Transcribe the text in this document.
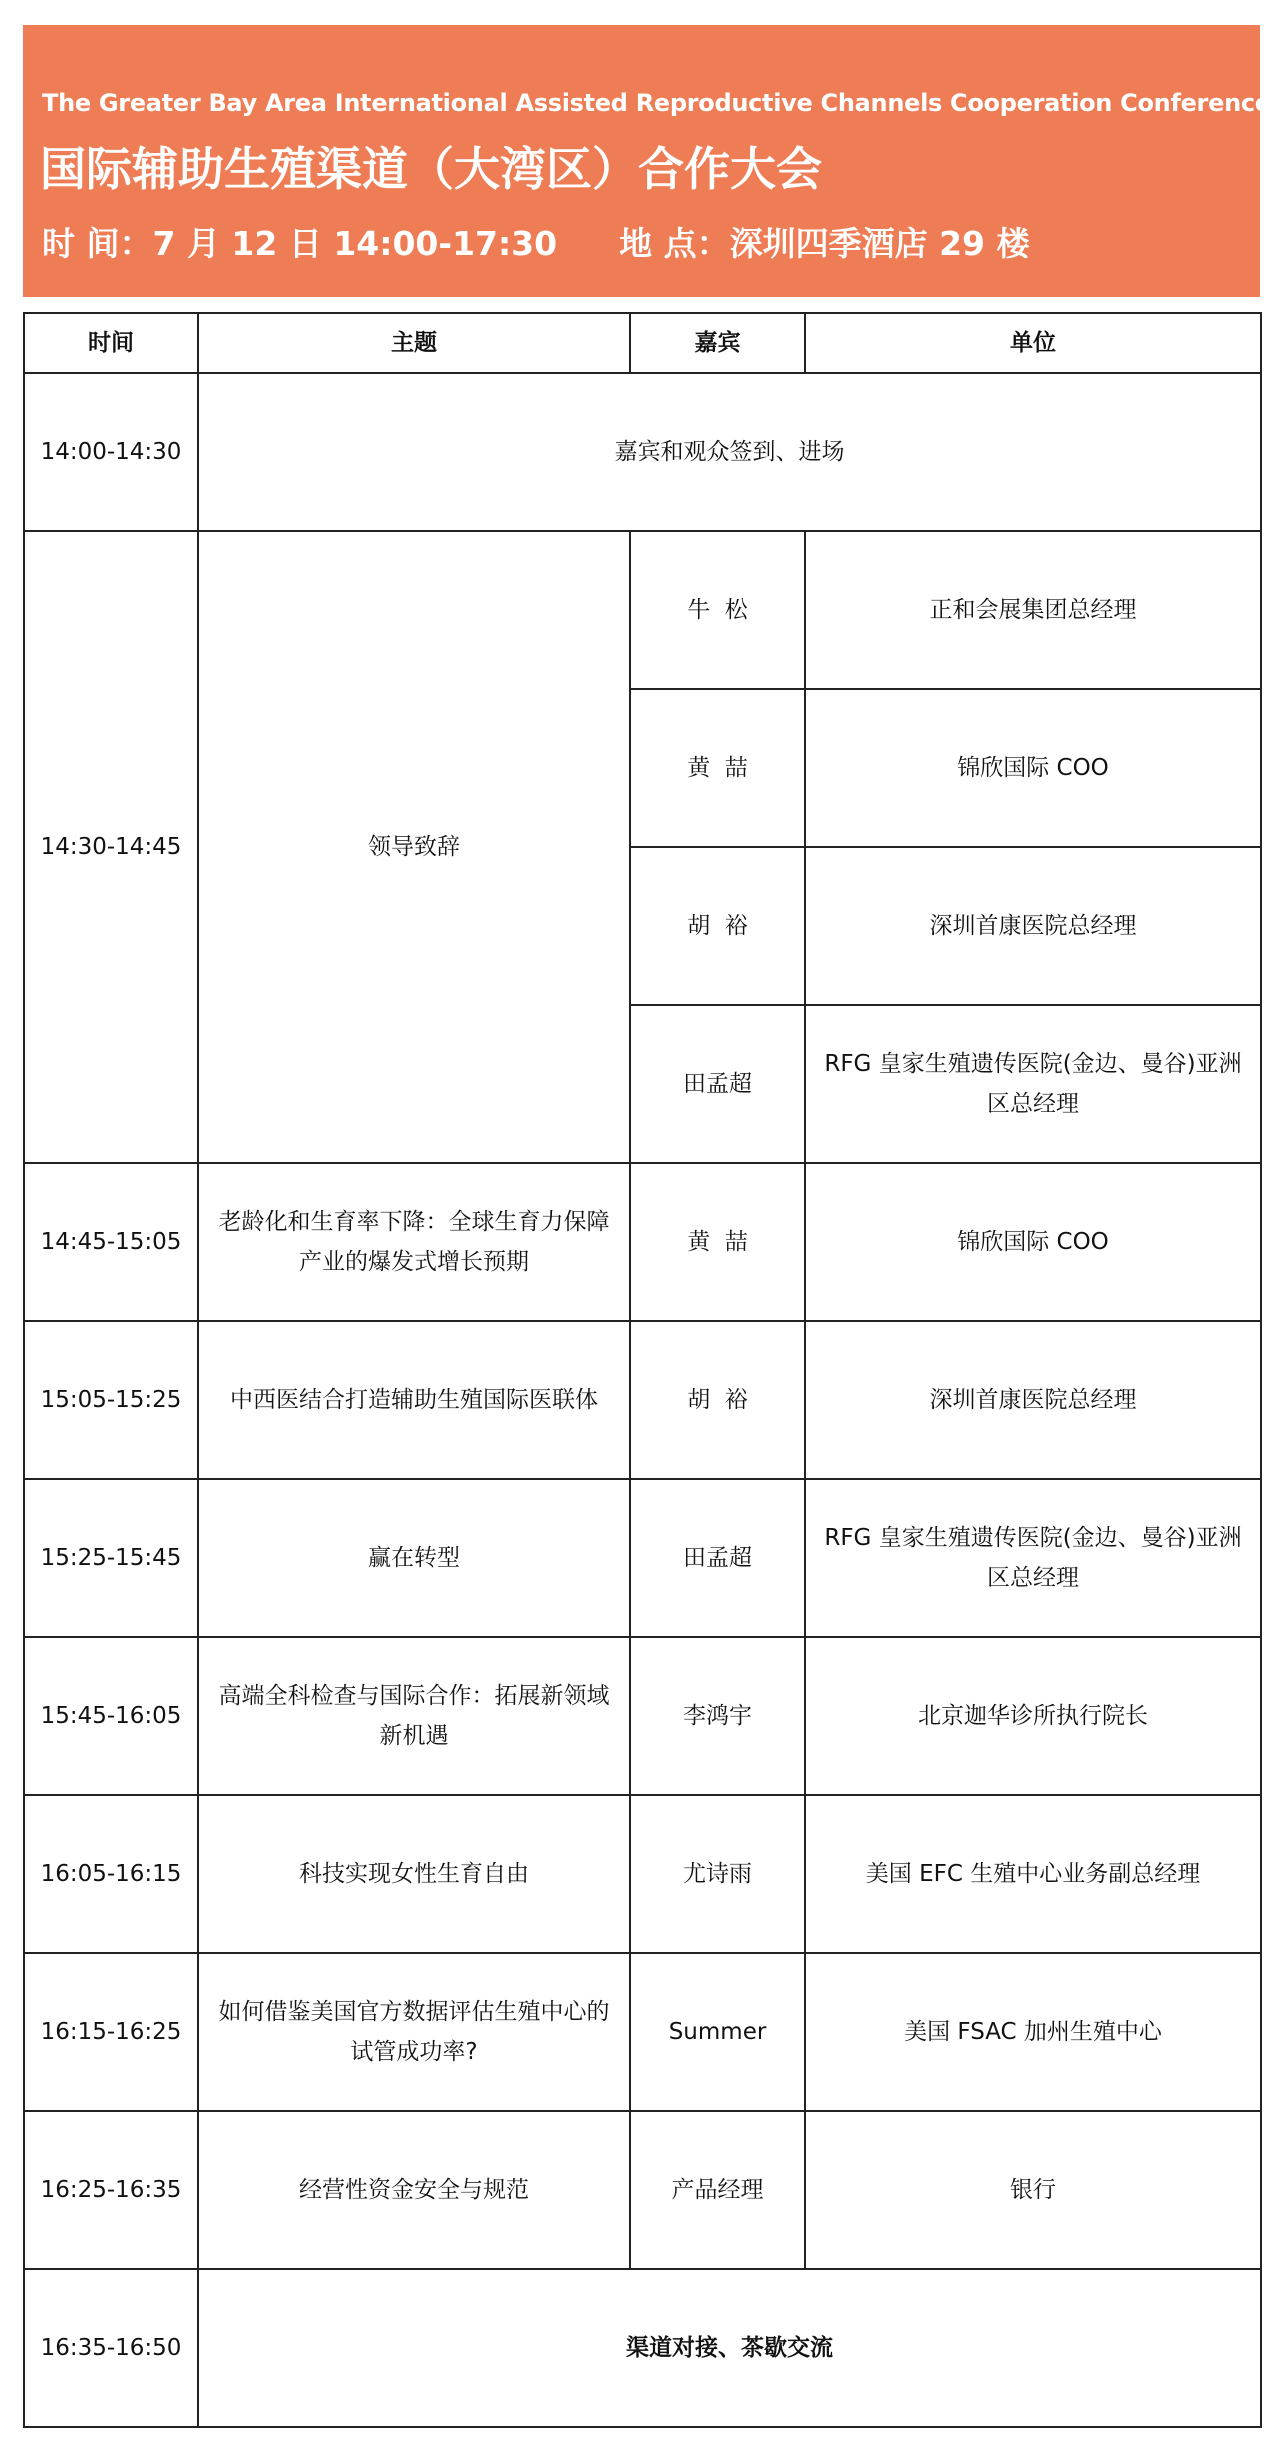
The Greater Bay Area International Assisted Reproductive Channels Cooperation Conference
国际辅助生殖渠道（大湾区）合作大会
时 间：7 月 12 日 14:00-17:30 地 点：深圳四季酒店 29 楼
时间	主题	嘉宾	单位
14:00-14:30	嘉宾和观众签到、进场		
14:30-14:45	领导致辞	牛  松	正和会展集团总经理
		黄  喆	锦欣国际 COO
		胡  裕	深圳首康医院总经理
		田孟超	RFG 皇家生殖遗传医院(金边、曼谷)亚洲区总经理
14:45-15:05	老龄化和生育率下降：全球生育力保障产业的爆发式增长预期	黄  喆	锦欣国际 COO
15:05-15:25	中西医结合打造辅助生殖国际医联体	胡  裕	深圳首康医院总经理
15:25-15:45	赢在转型	田孟超	RFG 皇家生殖遗传医院(金边、曼谷)亚洲区总经理
15:45-16:05	高端全科检查与国际合作：拓展新领域新机遇	李鸿宇	北京迦华诊所执行院长
16:05-16:15	科技实现女性生育自由	尤诗雨	美国 EFC 生殖中心业务副总经理
16:15-16:25	如何借鉴美国官方数据评估生殖中心的试管成功率?	Summer	美国 FSAC 加州生殖中心
16:25-16:35	经营性资金安全与规范	产品经理	银行
16:35-16:50	渠道对接、茶歇交流		
